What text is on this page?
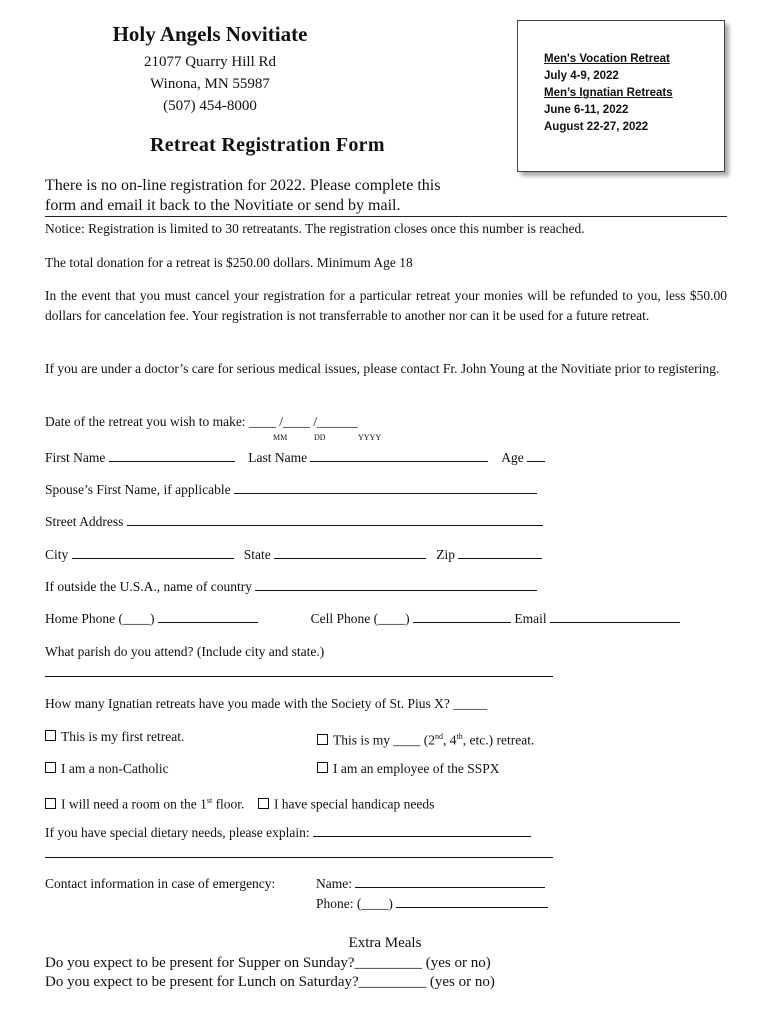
Holy Angels Novitiate
21077 Quarry Hill Rd
Winona, MN 55987
(507) 454-8000
Retreat Registration Form
Men's Vocation Retreat
July 4-9, 2022
Men’s Ignatian Retreats
June 6-11, 2022
August 22-27, 2022
There is no on-line registration for 2022. Please complete this
form and email it back to the Novitiate or send by mail.
Notice: Registration is limited to 30 retreatants. The registration closes once this number is reached.
The total donation for a retreat is $250.00 dollars. Minimum Age 18
In the event that you must cancel your registration for a particular retreat your monies will be refunded to you, less $50.00 dollars for cancelation fee. Your registration is not transferrable to another nor can it be used for a future retreat.
If you are under a doctor’s care for serious medical issues, please contact Fr. John Young at the Novitiate prior to registering.
Date of the retreat you wish to make: ____ /____ /______
MM	DD	YYYY
First Name	Last Name	Age
Spouse’s First Name, if applicable
Street Address
City	State	Zip
If outside the U.S.A., name of country
Home Phone (____)	Cell Phone (____)	Email
What parish do you attend? (Include city and state.)
How many Ignatian retreats have you made with the Society of St. Pius X? _____
This is my first retreat.	This is my ____ (2nd, 4th, etc.) retreat.
I am a non-Catholic	I am an employee of the SSPX
I will need a room on the 1st floor. I have special handicap needs
If you have special dietary needs, please explain:
Contact information in case of emergency:	Name:
Phone: (____)
Extra Meals
Do you expect to be present for Supper on Sunday?_________ (yes or no)
Do you expect to be present for Lunch on Saturday?_________ (yes or no)
